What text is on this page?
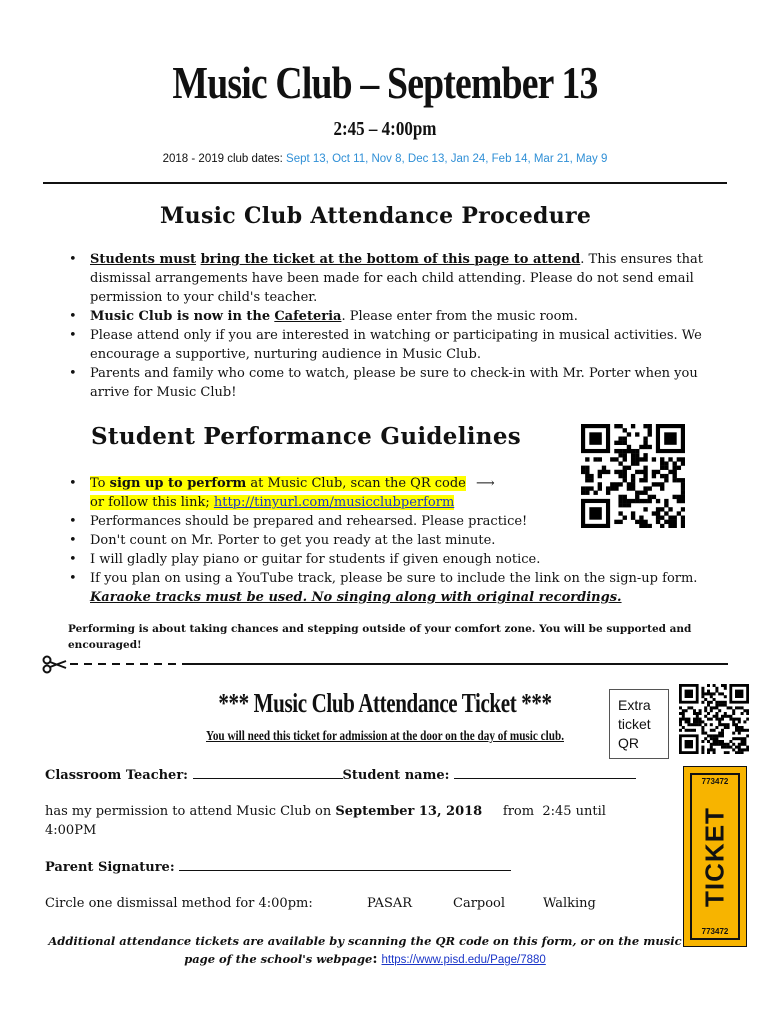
Music Club – September 13
2:45 – 4:00pm
2018 - 2019 club dates: Sept 13, Oct 11, Nov 8, Dec 13, Jan 24, Feb 14, Mar 21, May 9
Music Club Attendance Procedure
• Students must bring the ticket at the bottom of this page to attend. This ensures that dismissal arrangements have been made for each child attending. Please do not send email permission to your child's teacher.
• Music Club is now in the Cafeteria. Please enter from the music room.
• Please attend only if you are interested in watching or participating in musical activities. We encourage a supportive, nurturing audience in Music Club.
• Parents and family who come to watch, please be sure to check-in with Mr. Porter when you arrive for Music Club!
Student Performance Guidelines
• To sign up to perform at Music Club, scan the QR code ⟶
or follow this link; http://tinyurl.com/musicclubperform
• Performances should be prepared and rehearsed. Please practice!
• Don't count on Mr. Porter to get you ready at the last minute.
• I will gladly play piano or guitar for students if given enough notice.
• If you plan on using a YouTube track, please be sure to include the link on the sign-up form. Karaoke tracks must be used. No singing along with original recordings.
Performing is about taking chances and stepping outside of your comfort zone. You will be supported and encouraged!
*** Music Club Attendance Ticket ***
You will need this ticket for admission at the door on the day of music club.
Extra
ticket
QR
Classroom Teacher:	Student name:
has my permission to attend Music Club on September 13, 2018     from  2:45 until 4:00PM
Parent Signature:
Circle one dismissal method for 4:00pm:	PASAR	Carpool	Walking
773472
TICKET
773472
Additional attendance tickets are available by scanning the QR code on this form, or on the music page of the school's webpage: https://www.pisd.edu/Page/7880
